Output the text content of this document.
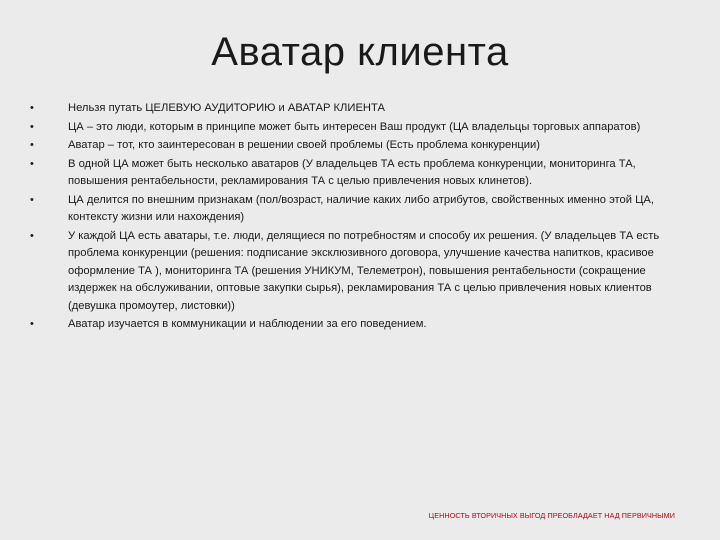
Аватар клиента
•	Нельзя путать ЦЕЛЕВУЮ АУДИТОРИЮ и АВАТАР КЛИЕНТА
•	ЦА – это люди, которым в принципе может быть интересен Ваш продукт (ЦА владельцы торговых аппаратов)
•	Аватар – тот, кто заинтересован в решении своей проблемы (Есть проблема конкуренции)
•	В одной ЦА может быть несколько аватаров (У владельцев ТА есть проблема конкуренции, мониторинга ТА, повышения рентабельности, рекламирования ТА с целью привлечения новых клинетов).
•	ЦА делится по внешним признакам (пол/возраст, наличие каких либо атрибутов, свойственных именно этой ЦА, контексту жизни или нахождения)
•	У каждой ЦА есть аватары, т.е. люди, делящиеся по потребностям и способу их решения. (У владельцев ТА есть проблема конкуренции (решения: подписание эксклюзивного договора, улучшение качества напитков, красивое оформление ТА ), мониторинга ТА (решения УНИКУМ, Телеметрон), повышения рентабельности (сокращение издержек на обслуживании, оптовые закупки сырья), рекламирования ТА с целью привлечения новых клиентов (девушка промоутер, листовки))
•	Аватар изучается в коммуникации и наблюдении за его поведением.
ЦЕННОСТЬ ВТОРИЧНЫХ ВЫГОД ПРЕОБЛАДАЕТ НАД ПЕРВИЧНЫМИ
